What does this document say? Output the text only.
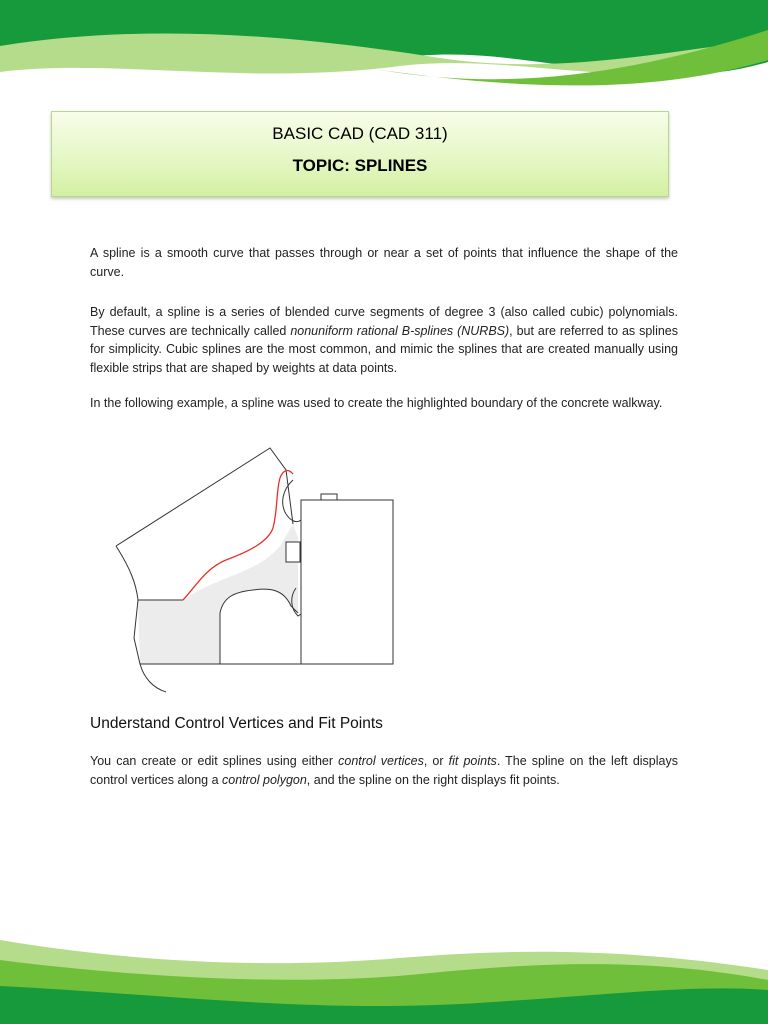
BASIC CAD (CAD 311)
TOPIC: SPLINES

A spline is a smooth curve that passes through or near a set of points that influence the shape of the curve.

By default, a spline is a series of blended curve segments of degree 3 (also called cubic) polynomials. These curves are technically called nonuniform rational B-splines (NURBS), but are referred to as splines for simplicity. Cubic splines are the most common, and mimic the splines that are created manually using flexible strips that are shaped by weights at data points.

In the following example, a spline was used to create the highlighted boundary of the concrete walkway.

Understand Control Vertices and Fit Points

You can create or edit splines using either control vertices, or fit points. The spline on the left displays control vertices along a control polygon, and the spline on the right displays fit points.
